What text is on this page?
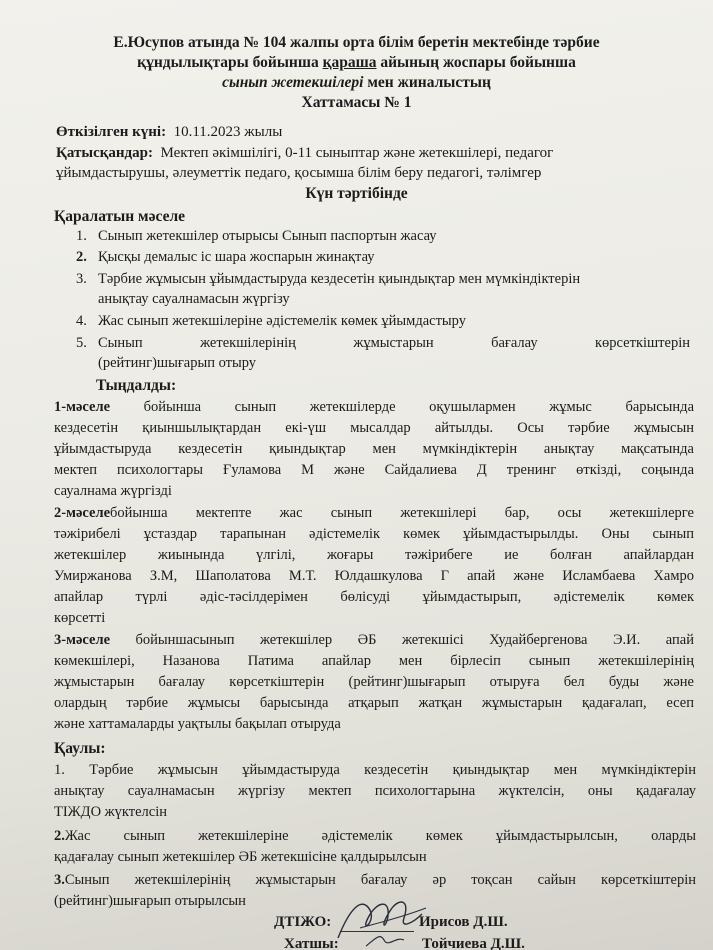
Е.Юсупов атында № 104 жалпы орта білім беретін мектебінде тәрбие
құндылықтары бойынша қараша айының жоспары бойынша
сынып жетекшілері мен жиналыстың
Хаттамасы № 1
Өткізілген күні: 10.11.2023 жылы
Қатысқандар: Мектеп әкімшілігі, 0-11 сыныптар және жетекшілері, педагог
ұйымдастырушы, әлеуметтік педаго, қосымша білім беру педагогі, тәлімгер
Күн тәртібінде
Қаралатын мәселе
1. Сынып жетекшілер отырысы Сынып паспортын жасау
2. Қысқы демалыс іс шара жоспарын жинақтау
3. Тәрбие жұмысын ұйымдастыруда кездесетін қиындықтар мен мүмкіндіктерін
анықтау сауалнамасын жүргізу
4. Жас сынып жетекшілеріне әдістемелік көмек ұйымдастыру
5. Сынып жетекшілерінің жұмыстарын бағалау көрсеткіштерін
(рейтинг)шығарып отыру
Тыңдалды:
1-мәселе бойынша сынып жетекшілерде оқушылармен жұмыс барысында
кездесетін қиыншылықтардан екі-үш мысалдар айтылды. Осы тәрбие жұмысын
ұйымдастыруда кездесетін қиындықтар мен мүмкіндіктерін анықтау мақсатында
мектеп психологтары Ғуламова М және Сайдалиева Д тренинг өткізді, соңында
сауалнама жүргізді
2-мәселебойынша мектепте жас сынып жетекшілері бар, осы жетекшілерге
тәжірибелі ұстаздар тарапынан әдістемелік көмек ұйымдастырылды. Оны сынып
жетекшілер жиынында үлгілі, жоғары тәжірибеге ие болған апайлардан
Умиржанова З.М, Шаполатова М.Т. Юлдашкулова Г апай және Исламбаева Хамро
апайлар түрлі әдіс-тәсілдерімен бөлісуді ұйымдастырып, әдістемелік көмек
көрсетті
3-мәселе бойыншасынып жетекшілер ӘБ жетекшісі Худайбергенова Э.И. апай
көмекшілері, Назанова Патима апайлар мен бірлесіп сынып жетекшілерінің
жұмыстарын бағалау көрсеткіштерін (рейтинг)шығарып отыруға бел буды және
олардың тәрбие жұмысы барысында атқарып жатқан жұмыстарын қадағалап, есеп
және хаттамаларды уақтылы бақылап отыруда
Қаулы:
1. Тәрбие жұмысын ұйымдастыруда кездесетін қиындықтар мен мүмкіндіктерін
анықтау сауалнамасын жүргізу мектеп психологтарына жүктелсін, оны қадағалау
ТІЖДО жүктелсін
2.Жас сынып жетекшілеріне әдістемелік көмек ұйымдастырылсын, оларды
қадағалау сынып жетекшілер ӘБ жетекшісіне қалдырылсын
3.Сынып жетекшілерінің жұмыстарын бағалау әр тоқсан сайын көрсеткіштерін
(рейтинг)шығарып отырылсын
ДТІЖО:	Ирисов Д.Ш.
Хатшы:	Тойчиева Д.Ш.
